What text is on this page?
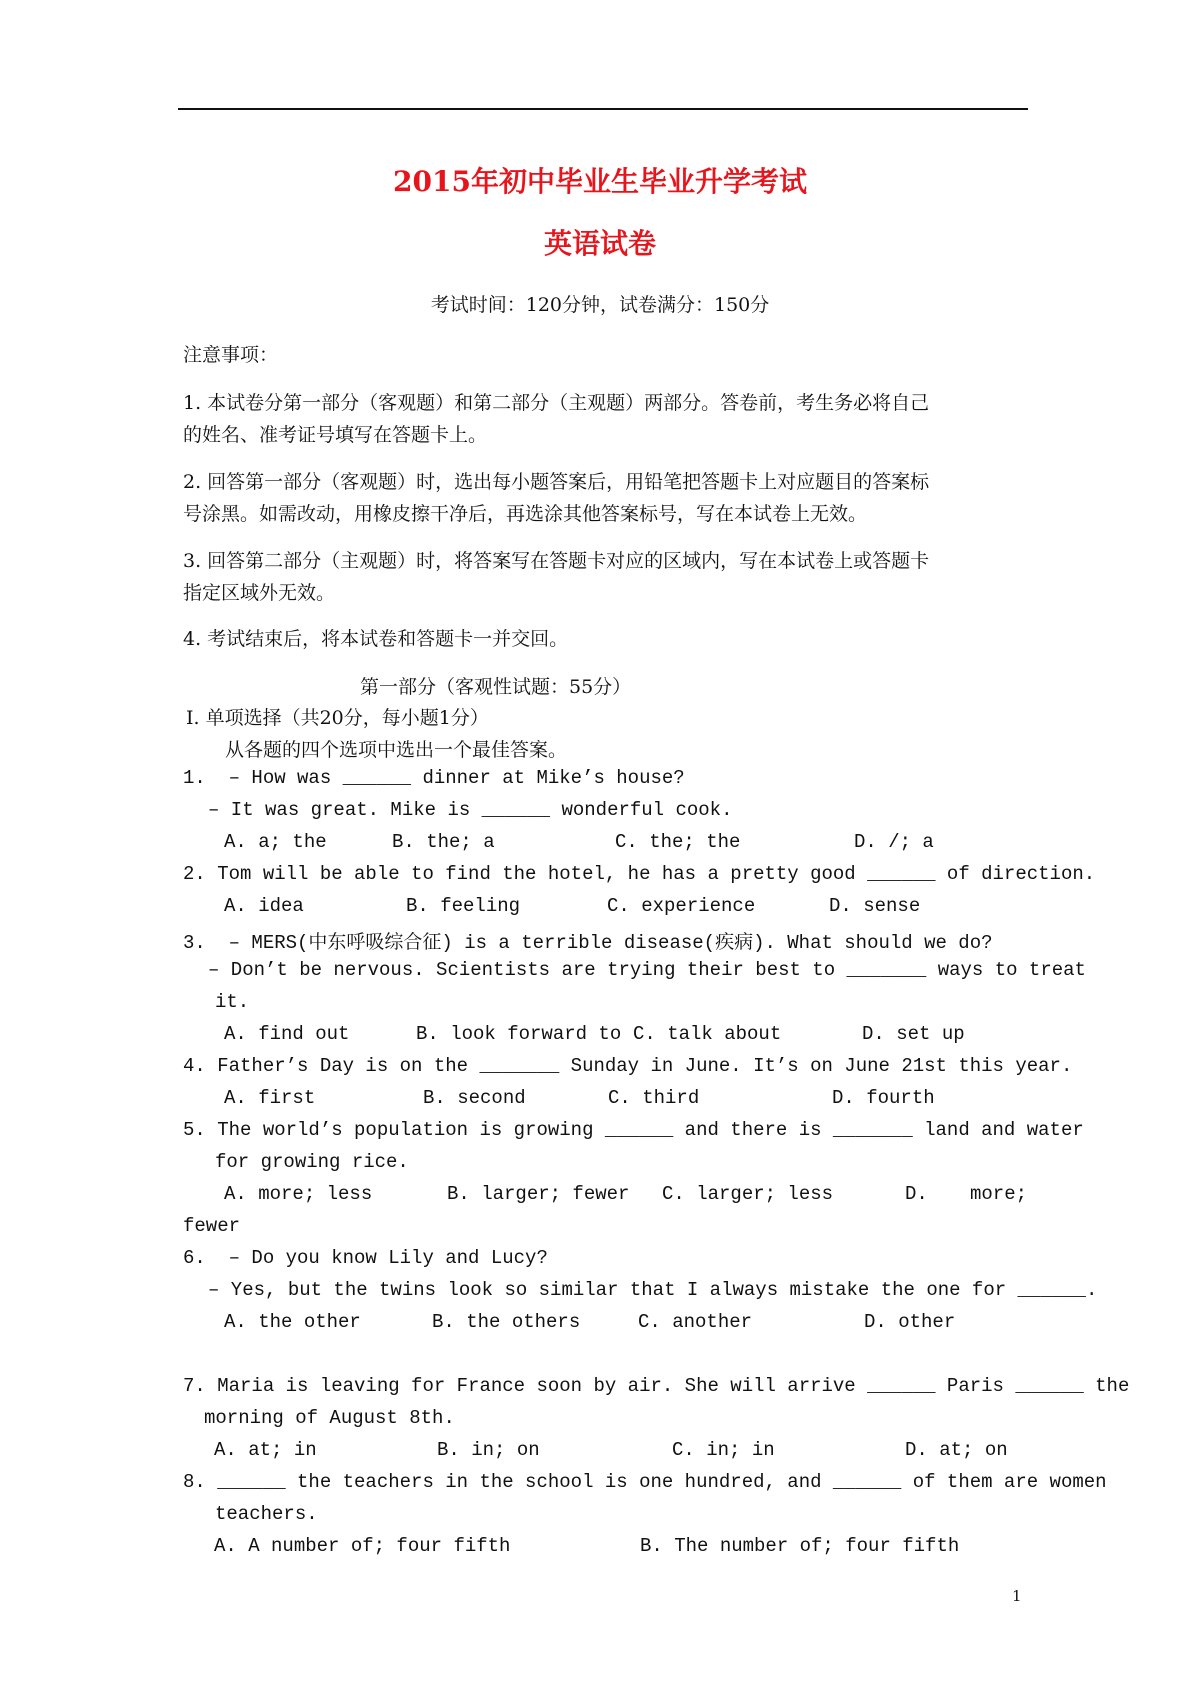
2015年初中毕业生毕业升学考试
英语试卷
考试时间：120分钟，试卷满分：150分
注意事项：
1. 本试卷分第一部分（客观题）和第二部分（主观题）两部分。答卷前，考生务必将自己
的姓名、准考证号填写在答题卡上。
2. 回答第一部分（客观题）时，选出每小题答案后，用铅笔把答题卡上对应题目的答案标
号涂黑。如需改动，用橡皮擦干净后，再选涂其他答案标号，写在本试卷上无效。
3. 回答第二部分（主观题）时，将答案写在答题卡对应的区域内，写在本试卷上或答题卡
指定区域外无效。
4. 考试结束后，将本试卷和答题卡一并交回。
第一部分（客观性试题：55分）
Ⅰ. 单项选择（共20分，每小题1分）
从各题的四个选项中选出一个最佳答案。
1.  – How was ______ dinner at Mike’s house?
– It was great. Mike is ______ wonderful cook.
A. a; the	B. the; a	C. the; the	D. /; a
2. Tom will be able to find the hotel, he has a pretty good ______ of direction.
A. idea	B. feeling	C. experience	D. sense
3.  – MERS(中东呼吸综合征) is a terrible disease(疾病). What should we do?
– Don’t be nervous. Scientists are trying their best to _______ ways to treat
it.
A. find out	B. look forward to C. talk about	D. set up
4. Father’s Day is on the _______ Sunday in June. It’s on June 21st this year.
A. first	B. second	C. third	D. fourth
5. The world’s population is growing ______ and there is _______ land and water
for growing rice.
A. more; less	B. larger; fewer C. larger; less	D. more;
fewer
6.  – Do you know Lily and Lucy?
– Yes, but the twins look so similar that I always mistake the one for ______.
A. the other	B. the others	C. another	D. other
7. Maria is leaving for France soon by air. She will arrive ______ Paris ______ the
morning of August 8th.
A. at; in	B. in; on	C. in; in	D. at; on
8. ______ the teachers in the school is one hundred, and ______ of them are women
teachers.
A. A number of; four fifth	B. The number of; four fifth
1
